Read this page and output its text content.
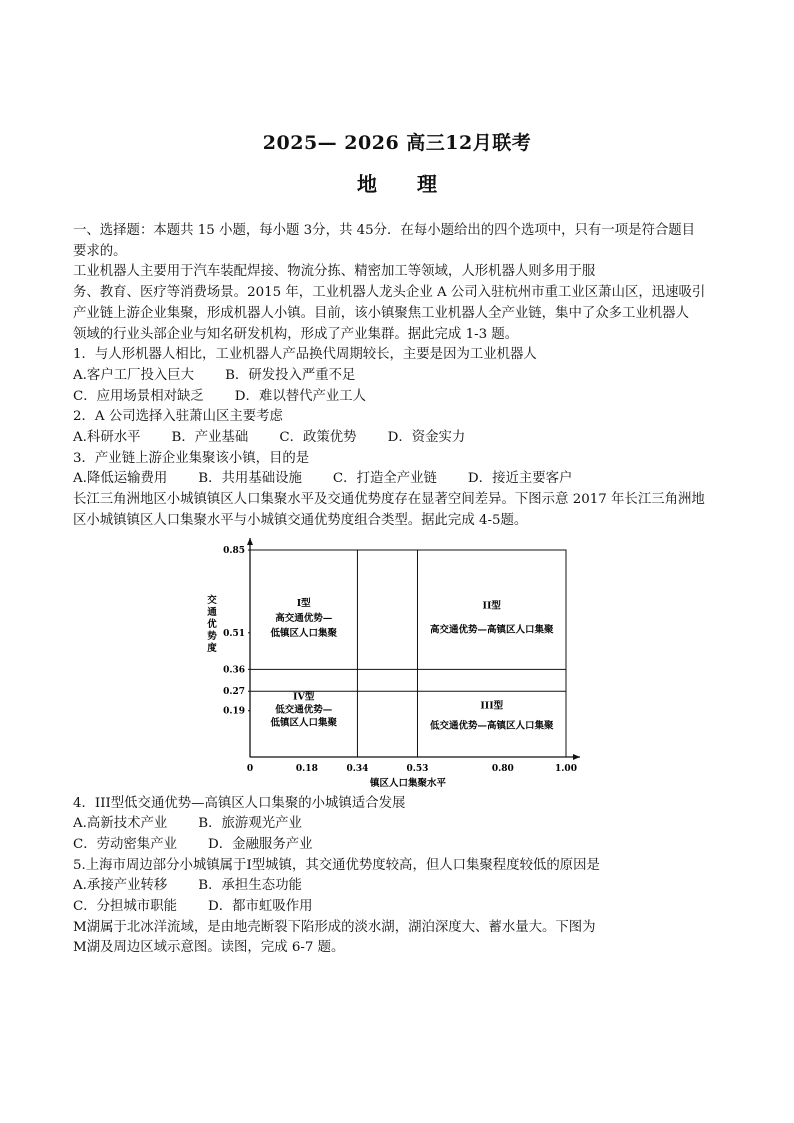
2025— 2026 高三12月联考
地　　理

一、选择题：本题共 15 小题，每小题 3分，共 45分．在每小题给出的四个选项中，只有一项是符合题目

要求的。

工业机器人主要用于汽车装配焊接、物流分拣、精密加工等领域，人形机器人则多用于服

务、教育、医疗等消费场景。2015 年，工业机器人龙头企业 A 公司入驻杭州市重工业区萧山区，迅速吸引

产业链上游企业集聚，形成机器人小镇。目前，该小镇聚焦工业机器人全产业链，集中了众多工业机器人

领域的行业头部企业与知名研发机构，形成了产业集群。据此完成 1-3 题。

1．与人形机器人相比，工业机器人产品换代周期较长，主要是因为工业机器人

A.客户工厂投入巨大　　 B．研发投入严重不足

C．应用场景相对缺乏　　 D．难以替代产业工人

2．A 公司选择入驻萧山区主要考虑

A.科研水平　　 B．产业基础　　 C．政策优势　　 D．资金实力

3．产业链上游企业集聚该小镇，目的是

A.降低运输费用　　 B．共用基础设施　　 C．打造全产业链　　 D．接近主要客户

长江三角洲地区小城镇镇区人口集聚水平及交通优势度存在显著空间差异。下图示意 2017 年长江三角洲地

区小城镇镇区人口集聚水平与小城镇交通优势度组合类型。据此完成 4-5题。

0	0.18	0.34	0.53	0.80	1.00
0.19
0.27
0.36
0.51
0.85
镇区人口集聚水平
交
通
优
势
度
I型
高交通优势—
低镇区人口集聚
II型
高交通优势—高镇区人口集聚
III型
低交通优势—高镇区人口集聚
IV型
低交通优势—
低镇区人口集聚

4．III型低交通优势—高镇区人口集聚的小城镇适合发展

A.高新技术产业　　 B．旅游观光产业

C．劳动密集产业　　 D．金融服务产业

5.上海市周边部分小城镇属于Ⅰ型城镇，其交通优势度较高，但人口集聚程度较低的原因是

A.承接产业转移　　 B．承担生态功能

C．分担城市职能　　 D．都市虹吸作用

M湖属于北冰洋流域，是由地壳断裂下陷形成的淡水湖，湖泊深度大、蓄水量大。下图为

M湖及周边区域示意图。读图，完成 6-7 题。
